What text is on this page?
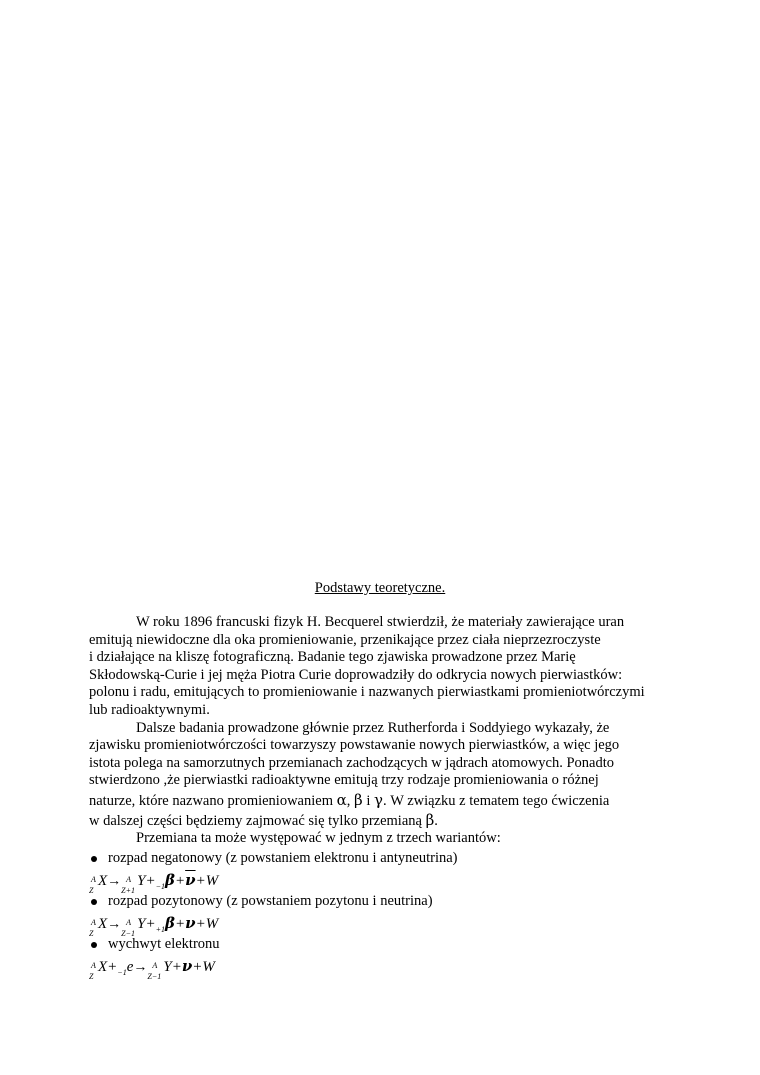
Podstawy teoretyczne.
W roku 1896 francuski fizyk H. Becquerel stwierdził, że materiały zawierające uran
emitują niewidoczne dla oka promieniowanie, przenikające przez ciała nieprzezroczyste
i działające na kliszę fotograficzną. Badanie tego zjawiska prowadzone przez Marię
Skłodowską-Curie i jej męża Piotra Curie doprowadziły do odkrycia nowych pierwiastków:
polonu i radu, emitujących to promieniowanie i nazwanych pierwiastkami promieniotwórczymi
lub radioaktywnymi.
Dalsze badania prowadzone głównie przez Rutherforda i Soddyiego wykazały, że
zjawisku promieniotwórczości towarzyszy powstawanie nowych pierwiastków, a więc jego
istota polega na samorzutnych przemianach zachodzących w jądrach atomowych. Ponadto
stwierdzono ,że pierwiastki radioaktywne emitują trzy rodzaje promieniowania o różnej
naturze, które nazwano promieniowaniem α, β i γ. W związku z tematem tego ćwiczenia
w dalszej części będziemy zajmować się tylko przemianą β.
Przemiana ta może występować w jednym z trzech wariantów:
rozpad negatonowy (z powstaniem elektronu i antyneutrina)
A
Z
X→ A
Z+1
$Y+_{-1}\beta+\overline{\nu}+W$
rozpad pozytonowy (z powstaniem pozytonu i neutrina)
A
Z
X→ A
Z−1
$Y+_{+1}\beta+\nu+W$
wychwyt elektronu
A
Z
$X+_{-1}e\to A$
Z−1
Y+ν+W
